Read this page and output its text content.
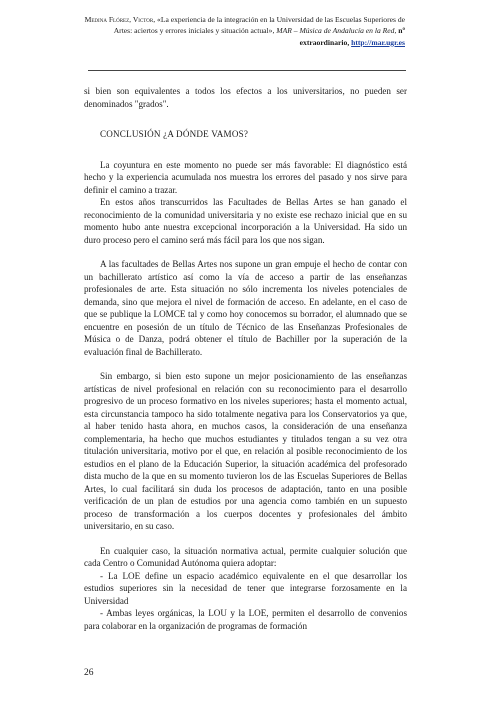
Medina Flórez, Victor, «La experiencia de la integración en la Universidad de las Escuelas Superiores de Artes: aciertos y errores iniciales y situación actual», MAR – Música de Andalucía en la Red, nº extraordinario, http://mar.ugr.es

si bien son equivalentes a todos los efectos a los universitarios, no pueden ser denominados "grados".

CONCLUSIÓN ¿A DÓNDE VAMOS?

La coyuntura en este momento no puede ser más favorable: El diagnóstico está hecho y la experiencia acumulada nos muestra los errores del pasado y nos sirve para definir el camino a trazar.

En estos años transcurridos las Facultades de Bellas Artes se han ganado el reconocimiento de la comunidad universitaria y no existe ese rechazo inicial que en su momento hubo ante nuestra excepcional incorporación a la Universidad. Ha sido un duro proceso pero el camino será más fácil para los que nos sigan.

A las facultades de Bellas Artes nos supone un gran empuje el hecho de contar con un bachillerato artístico así como la vía de acceso a partir de las enseñanzas profesionales de arte. Esta situación no sólo incrementa los niveles potenciales de demanda, sino que mejora el nivel de formación de acceso. En adelante, en el caso de que se publique la LOMCE tal y como hoy conocemos su borrador, el alumnado que se encuentre en posesión de un título de Técnico de las Enseñanzas Profesionales de Música o de Danza, podrá obtener el título de Bachiller por la superación de la evaluación final de Bachillerato.

Sin embargo, si bien esto supone un mejor posicionamiento de las enseñanzas artísticas de nivel profesional en relación con su reconocimiento para el desarrollo progresivo de un proceso formativo en los niveles superiores; hasta el momento actual, esta circunstancia tampoco ha sido totalmente negativa para los Conservatorios ya que, al haber tenido hasta ahora, en muchos casos, la consideración de una enseñanza complementaria, ha hecho que muchos estudiantes y titulados tengan a su vez otra titulación universitaria, motivo por el que, en relación al posible reconocimiento de los estudios en el plano de la Educación Superior, la situación académica del profesorado dista mucho de la que en su momento tuvieron los de las Escuelas Superiores de Bellas Artes, lo cual facilitará sin duda los procesos de adaptación, tanto en una posible verificación de un plan de estudios por una agencia como también en un supuesto proceso de transformación a los cuerpos docentes y profesionales del ámbito universitario, en su caso.

En cualquier caso, la situación normativa actual, permite cualquier solución que cada Centro o Comunidad Autónoma quiera adoptar:

- La LOE define un espacio académico equivalente en el que desarrollar los estudios superiores sin la necesidad de tener que integrarse forzosamente en la Universidad

- Ambas leyes orgánicas, la LOU y la LOE, permiten el desarrollo de convenios para colaborar en la organización de programas de formación

26
